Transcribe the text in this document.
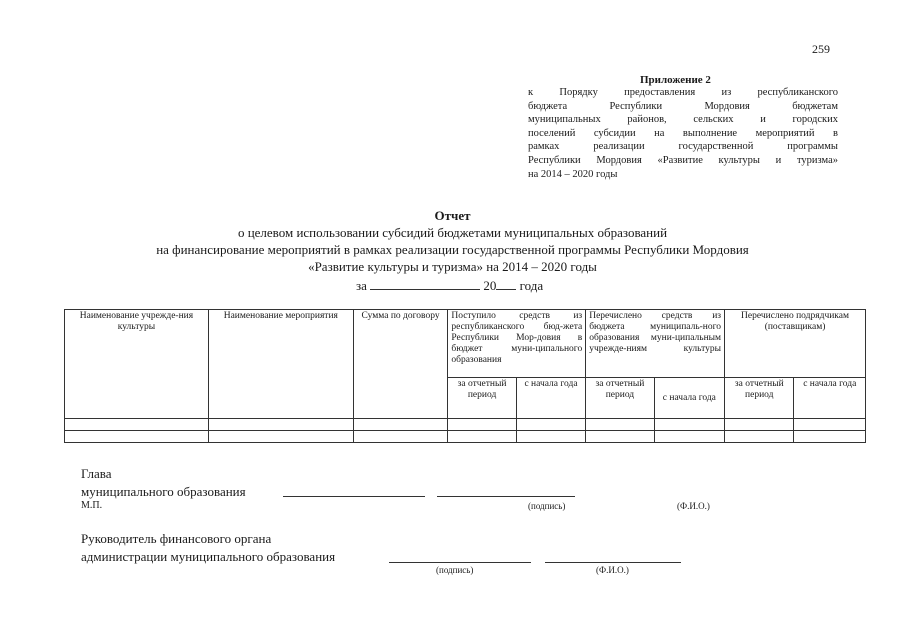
259
Приложение 2
к Порядку предоставления из республиканского
бюджета Республики Мордовия бюджетам
муниципальных районов, сельских и городских
поселений субсидии на выполнение мероприятий в
рамках реализации государственной программы
Республики Мордовия «Развитие культуры и туризма»
на 2014 – 2020 годы
Отчет
о целевом использовании субсидий бюджетами муниципальных образований
на финансирование мероприятий в рамках реализации государственной программы Республики Мордовия
«Развитие культуры и туризма» на 2014 – 2020 годы
за	20 года
Наименование учрежде-ния культуры	Наименование мероприятия	Сумма по договору	Поступило средств из республиканского бюд-жета Республики Мор-довия в бюджет муни-ципального образования		Перечислено средств из бюджета муниципаль-ного образования муни-ципальным учрежде-ниям культуры		Перечислено подрядчикам (поставщикам)	
			за отчетный период	с начала года	за отчетный период	с начала года	за отчетный период	с начала года

Глава
муниципального образования
М.П.	(подпись)	(Ф.И.О.)
Руководитель финансового органа
администрации муниципального образования
(подпись)	(Ф.И.О.)
